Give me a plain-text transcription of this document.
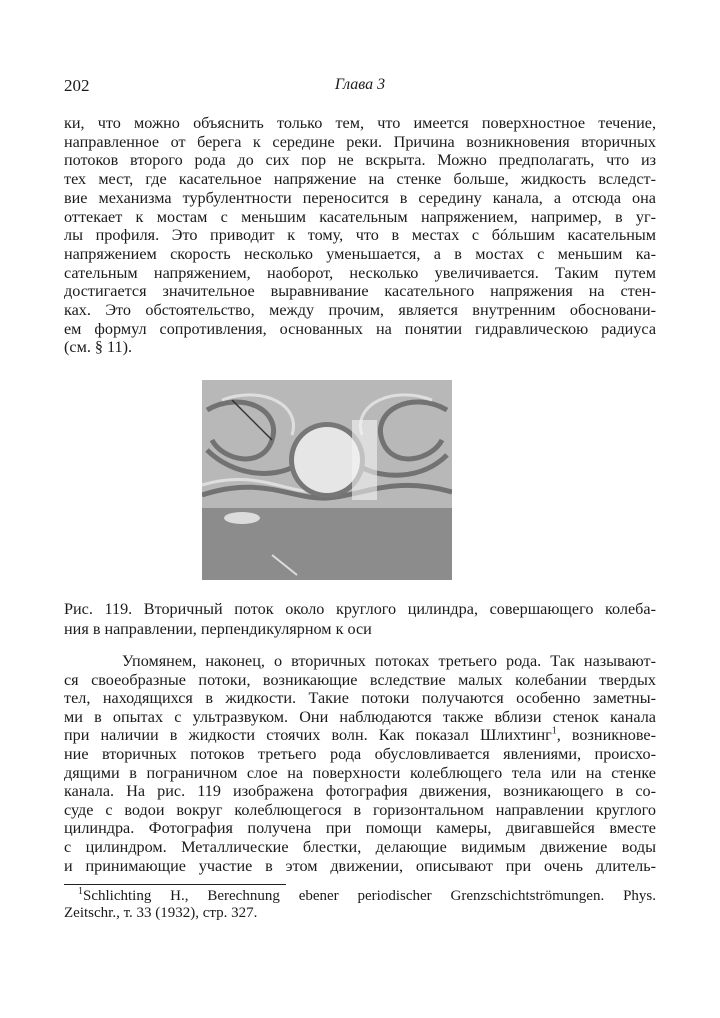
202	Глава 3
ки, что можно объяснить только тем, что имеется поверхностное течение,
направленное от берега к середине реки. Причина возникновения вторичных
потоков второго рода до сих пор не вскрыта. Можно предполагать, что из
тех мест, где касательное напряжение на стенке больше, жидкость вследст-
вие механизма турбулентности переносится в середину канала, а отсюда она
оттекает к мостам с меньшим касательным напряжением, например, в уг-
лы профиля. Это приводит к тому, что в местах с бóльшим касательным
напряжением скорость несколько уменьшается, а в мостах с меньшим ка-
сательным напряжением, наоборот, несколько увеличивается. Таким путем
достигается значительное выравнивание касательного напряжения на стен-
ках. Это обстоятельство, между прочим, является внутренним обосновани-
ем формул сопротивления, основанных на понятии гидравлическою радиуса
(см. § 11).
Рис. 119. Вторичный поток около круглого цилиндра, совершающего колеба-
ния в направлении, перпендикулярном к оси
Упомянем, наконец, о вторичных потоках третьего рода. Так называют-
ся своеобразные потоки, возникающие вследствие малых колебании твердых
тел, находящихся в жидкости. Такие потоки получаются особенно заметны-
ми в опытах с ультразвуком. Они наблюдаются также вблизи стенок канала
при наличии в жидкости стоячих волн. Как показал Шлихтинг$^1$, возникнове-
ние вторичных потоков третьего рода обусловливается явлениями, происхо-
дящими в пограничном слое на поверхности колеблющего тела или на стенке
канала. На рис. 119 изображена фотография движения, возникающего в со-
суде с водои вокруг колеблющегося в горизонтальном направлении круглого
цилиндра. Фотография получена при помощи камеры, двигавшейся вместе
с цилиндром. Металлические блестки, делающие видимым движение воды
и принимающие участие в этом движении, описывают при очень длитель-
$^1$Schlichting H., Berechnung ebener periodischer Grenzschichtströmungen. Phys.
Zeitschr., т. 33 (1932), стр. 327.
